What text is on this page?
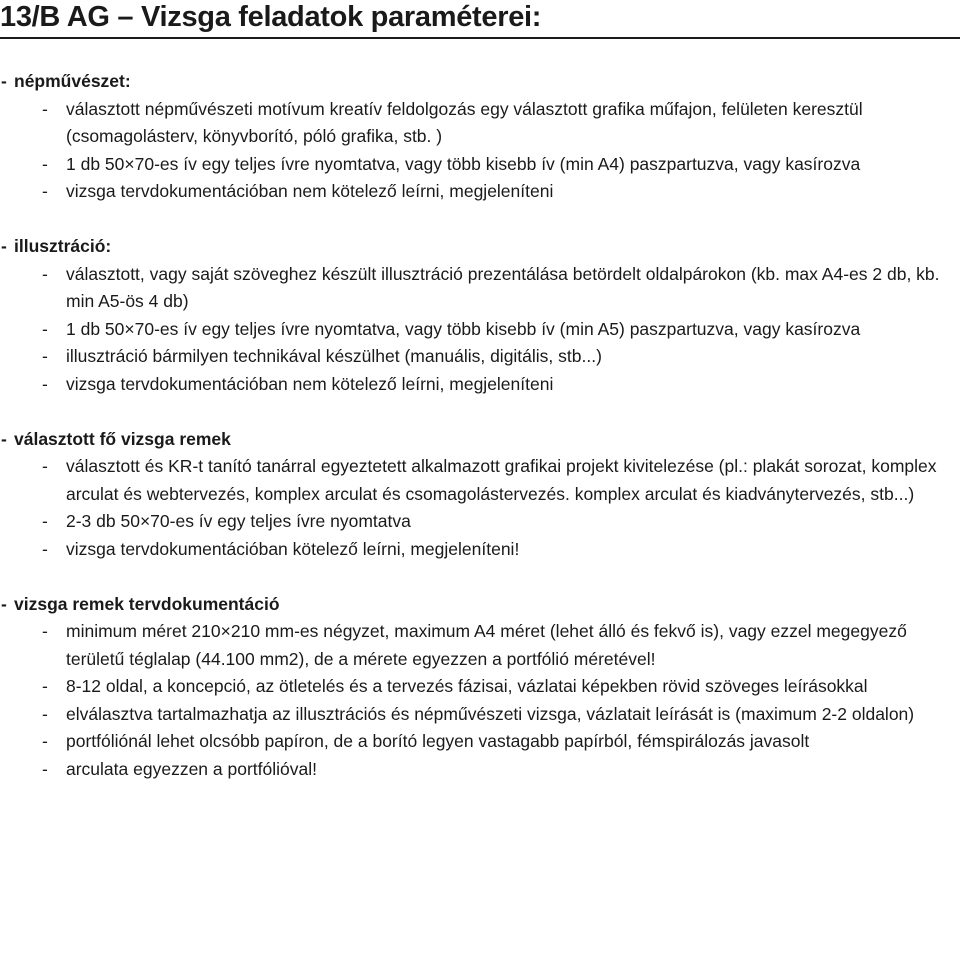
13/B AG – Vizsga feladatok paraméterei:
- népművészet:
- választott népművészeti motívum kreatív feldolgozás egy választott grafika műfajon, felületen keresztül (csomagolásterv, könyvborító, póló grafika, stb. )
- 1 db 50×70-es ív egy teljes ívre nyomtatva, vagy több kisebb ív (min A4) paszpartuzva, vagy kasírozva
- vizsga tervdokumentációban nem kötelező leírni, megjeleníteni
- illusztráció:
- választott, vagy saját szöveghez készült illusztráció prezentálása betördelt oldalpárokon (kb. max A4-es 2 db, kb. min A5-ös 4 db)
- 1 db 50×70-es ív egy teljes ívre nyomtatva, vagy több kisebb ív (min A5) paszpartuzva, vagy kasírozva
- illusztráció bármilyen technikával készülhet (manuális, digitális, stb...)
- vizsga tervdokumentációban nem kötelező leírni, megjeleníteni
- választott fő vizsga remek
- választott és KR-t tanító tanárral egyeztetett alkalmazott grafikai projekt kivitelezése (pl.: plakát sorozat, komplex arculat és webtervezés, komplex arculat és csomagolástervezés. komplex arculat és kiadványtervezés, stb...)
- 2-3 db 50×70-es ív egy teljes ívre nyomtatva
- vizsga tervdokumentációban kötelező leírni, megjeleníteni!
- vizsga remek tervdokumentáció
- minimum méret 210×210 mm-es négyzet, maximum A4 méret (lehet álló és fekvő is), vagy ezzel megegyező területű téglalap (44.100 mm2), de a mérete egyezzen a portfólió méretével!
- 8-12 oldal, a koncepció, az ötletelés és a tervezés fázisai, vázlatai képekben rövid szöveges leírásokkal
- elválasztva tartalmazhatja az illusztrációs és népművészeti vizsga, vázlatait leírását is (maximum 2-2 oldalon)
- portfóliónál lehet olcsóbb papíron, de a borító legyen vastagabb papírból, fémspirálozás javasolt
- arculata egyezzen a portfólióval!
